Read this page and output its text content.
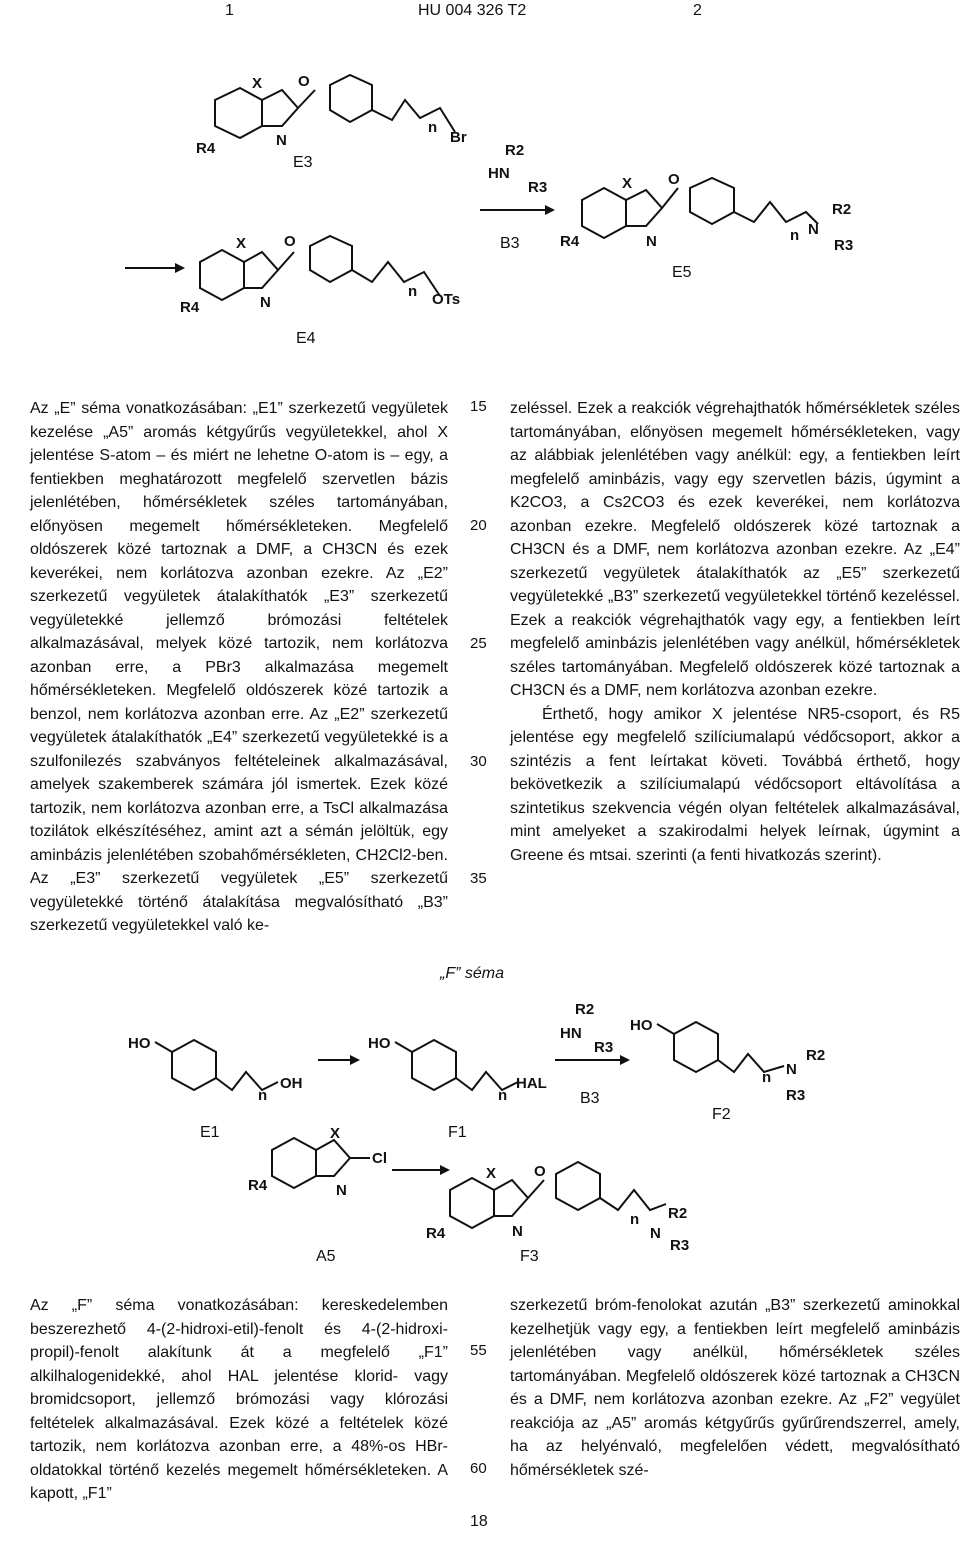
1	HU 004 326 T2	2
X O
N
R4
n
Br
X	O
N
R4
n OTs
R2
HN
R3	X O
N
R4	n N
R2
R3
E3
B3
E5
E4

Az „E” séma vonatkozásában: „E1” szerkezetű vegyületek kezelése „A5” aromás kétgyűrűs vegyületekkel, ahol X jelentése S-atom – és miért ne lehetne O-atom is – egy, a fentiekben meghatározott megfelelő szervetlen bázis jelenlétében, hőmérsékletek széles tartományában, előnyösen megemelt hőmérsékleteken. Megfelelő oldószerek közé tartoznak a DMF, a CH3CN és ezek keverékei, nem korlátozva azonban ezekre. Az „E2” szerkezetű vegyületek átalakíthatók „E3” szerkezetű vegyületekké jellemző brómozási feltételek alkalmazásával, melyek közé tartozik, nem korlátozva azonban erre, a PBr3 alkalmazása megemelt hőmérsékleteken. Megfelelő oldószerek közé tartozik a benzol, nem korlátozva azonban erre. Az „E2” szerkezetű vegyületek átalakíthatók „E4” szerkezetű vegyületekké is a szulfonilezés szabványos feltételeinek alkalmazásával, amelyek szakemberek számára jól ismertek. Ezek közé tartozik, nem korlátozva azonban erre, a TsCl alkalmazása tozilátok elkészítéséhez, amint azt a sémán jelöltük, egy aminbázis jelenlétében szobahőmérsékleten, CH2Cl2-ben. Az „E3” szerkezetű vegyületek „E5” szerkezetű vegyületekké történő átalakítása megvalósítható „B3” szerkezetű vegyületekkel való ke-

zeléssel. Ezek a reakciók végrehajthatók hőmérsékletek széles tartományában, előnyösen megemelt hőmérsékleteken, vagy az alábbiak jelenlétében vagy anélkül: egy, a fentiekben leírt megfelelő aminbázis, vagy egy szervetlen bázis, úgymint a K2CO3, a Cs2CO3 és ezek keverékei, nem korlátozva azonban ezekre. Megfelelő oldószerek közé tartoznak a CH3CN és a DMF, nem korlátozva azonban ezekre. Az „E4” szerkezetű vegyületek átalakíthatók az „E5” szerkezetű vegyületekké „B3” szerkezetű vegyületekkel történő kezeléssel. Ezek a reakciók végrehajthatók vagy egy, a fentiekben leírt megfelelő aminbázis jelenlétében vagy anélkül, hőmérsékletek széles tartományában. Megfelelő oldószerek közé tartoznak a CH3CN és a DMF, nem korlátozva azonban ezekre.

Érthető, hogy amikor X jelentése NR5-csoport, és R5 jelentése egy megfelelő szilíciumalapú védőcsoport, akkor a szintézis a fent leírtakat követi. Továbbá érthető, hogy bekövetkezik a szilíciumalapú védőcsoport eltávolítása a szintetikus szekvencia végén olyan feltételek alkalmazásával, mint amelyeket a szakirodalmi helyek leírnak, úgymint a Greene és mtsai. szerinti (a fenti hivatkozás szerint).

15
20
25
30
35
„F” séma
HO
n
OH
HO
n
HAL
R2
HN
R3
HO
n N
R2
R3
X
Cl
N
R4
X	O
N
R4
n
N
R2
R3
E1	F1
B3
F2
A5	F3

Az „F” séma vonatkozásában: kereskedelemben beszerezhető 4-(2-hidroxi-etil)-fenolt és 4-(2-hidroxi-propil)-fenolt alakítunk át a megfelelő „F1” alkilhalogenidekké, ahol HAL jelentése klorid- vagy bromidcsoport, jellemző brómozási vagy klórozási feltételek alkalmazásával. Ezek közé a feltételek közé tartozik, nem korlátozva azonban erre, a 48%-os HBr-oldatokkal történő kezelés megemelt hőmérsékleteken. A kapott, „F1”

szerkezetű bróm-fenolokat azután „B3” szerkezetű aminokkal kezelhetjük vagy egy, a fentiekben leírt megfelelő aminbázis jelenlétében vagy anélkül, hőmérsékletek széles tartományában. Megfelelő oldószerek közé tartoznak a CH3CN és a DMF, nem korlátozva azonban ezekre. Az „F2” vegyület reakciója az „A5” aromás kétgyűrűs gyűrűrendszerrel, amely, ha az helyénvaló, megfelelően védett, megvalósítható hőmérsékletek szé-

55
60
18
